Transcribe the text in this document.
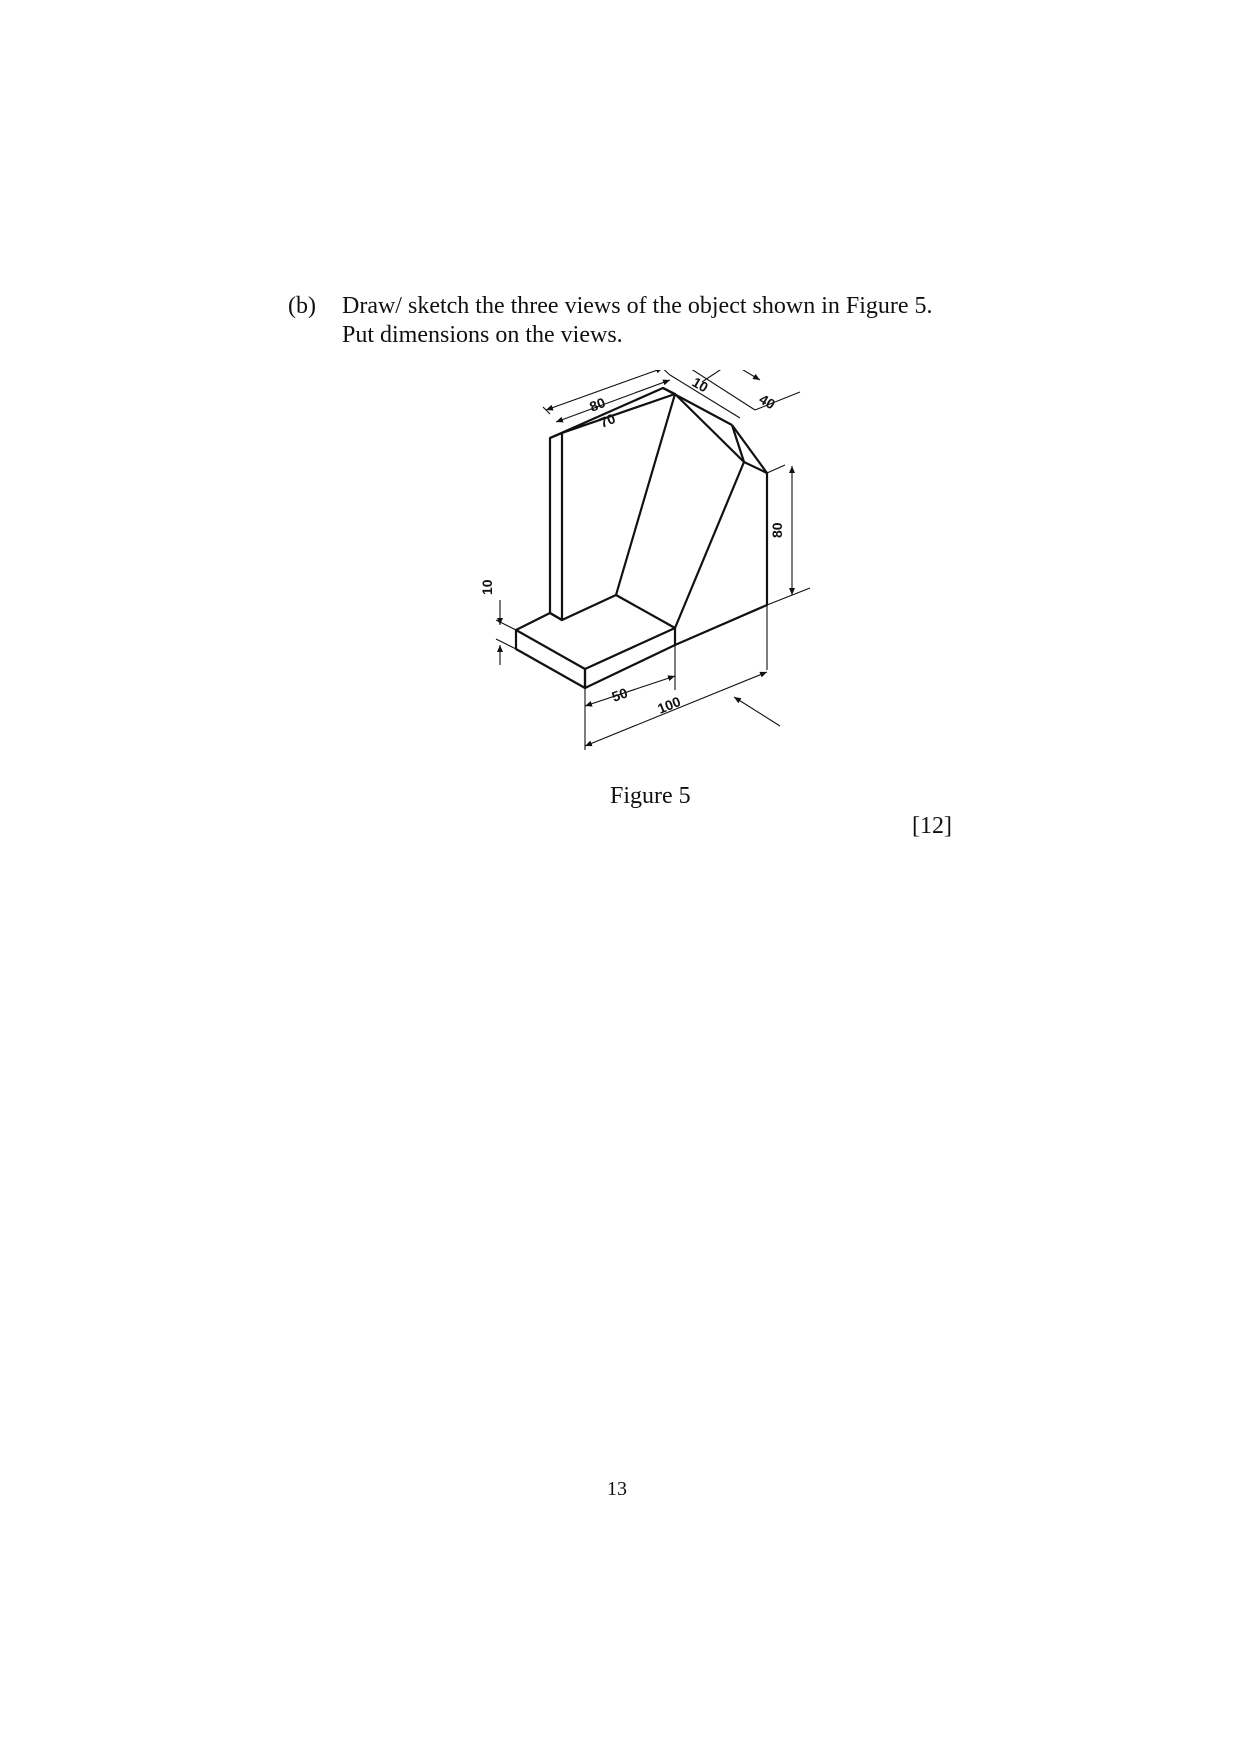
(b) Draw/ sketch the three views of the object shown in Figure 5.
Put dimensions on the views.
80
70
10
40
80
10
50 100
Figure 5
[12]
13
